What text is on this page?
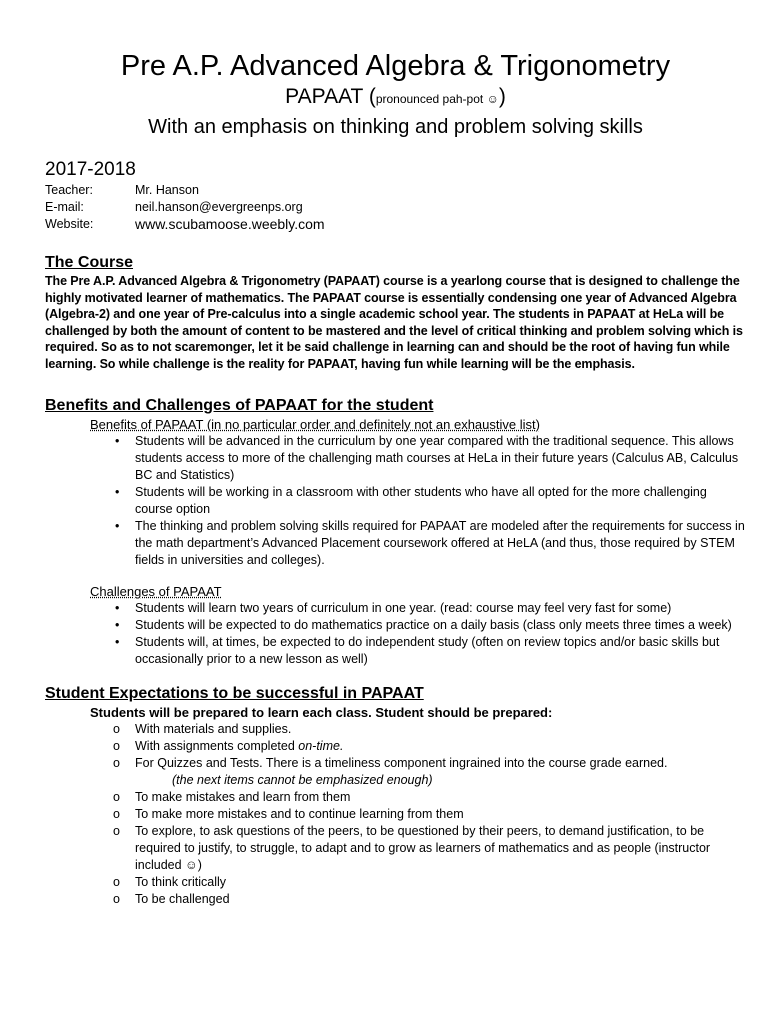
Pre A.P. Advanced Algebra & Trigonometry

PAPAAT (pronounced pah-pot ☺)

With an emphasis on thinking and problem solving skills

2017-2018
Teacher:	Mr. Hanson
E-mail:	neil.hanson@evergreenps.org
Website:	www.scubamoose.weebly.com
The Course

The Pre A.P. Advanced Algebra & Trigonometry (PAPAAT) course is a yearlong course that is designed to challenge the highly motivated learner of mathematics. The PAPAAT course is essentially condensing one year of Advanced Algebra (Algebra-2) and one year of Pre-calculus into a single academic school year. The students in PAPAAT at HeLa will be challenged by both the amount of content to be mastered and the level of critical thinking and problem solving which is required. So as to not scaremonger, let it be said challenge in learning can and should be the root of having fun while learning. So while challenge is the reality for PAPAAT, having fun while learning will be the emphasis.

Benefits and Challenges of PAPAAT for the student

Benefits of PAPAAT (in no particular order and definitely not an exhaustive list)

• Students will be advanced in the curriculum by one year compared with the traditional sequence. This allows students access to more of the challenging math courses at HeLa in their future years (Calculus AB, Calculus BC and Statistics)
• Students will be working in a classroom with other students who have all opted for the more challenging course option
• The thinking and problem solving skills required for PAPAAT are modeled after the requirements for success in the math department’s Advanced Placement coursework offered at HeLA (and thus, those required by STEM fields in universities and colleges).

Challenges of PAPAAT

• Students will learn two years of curriculum in one year. (read: course may feel very fast for some)
• Students will be expected to do mathematics practice on a daily basis (class only meets three times a week)
• Students will, at times, be expected to do independent study (often on review topics and/or basic skills but occasionally prior to a new lesson as well)
Student Expectations to be successful in PAPAAT

Students will be prepared to learn each class. Student should be prepared:

o With materials and supplies.
o With assignments completed on-time.
o For Quizzes and Tests. There is a timeliness component ingrained into the course grade earned.
(the next items cannot be emphasized enough)
o To make mistakes and learn from them
o To make more mistakes and to continue learning from them
o To explore, to ask questions of the peers, to be questioned by their peers, to demand justification, to be required to justify, to struggle, to adapt and to grow as learners of mathematics and as people (instructor included ☺)
o To think critically
o To be challenged
